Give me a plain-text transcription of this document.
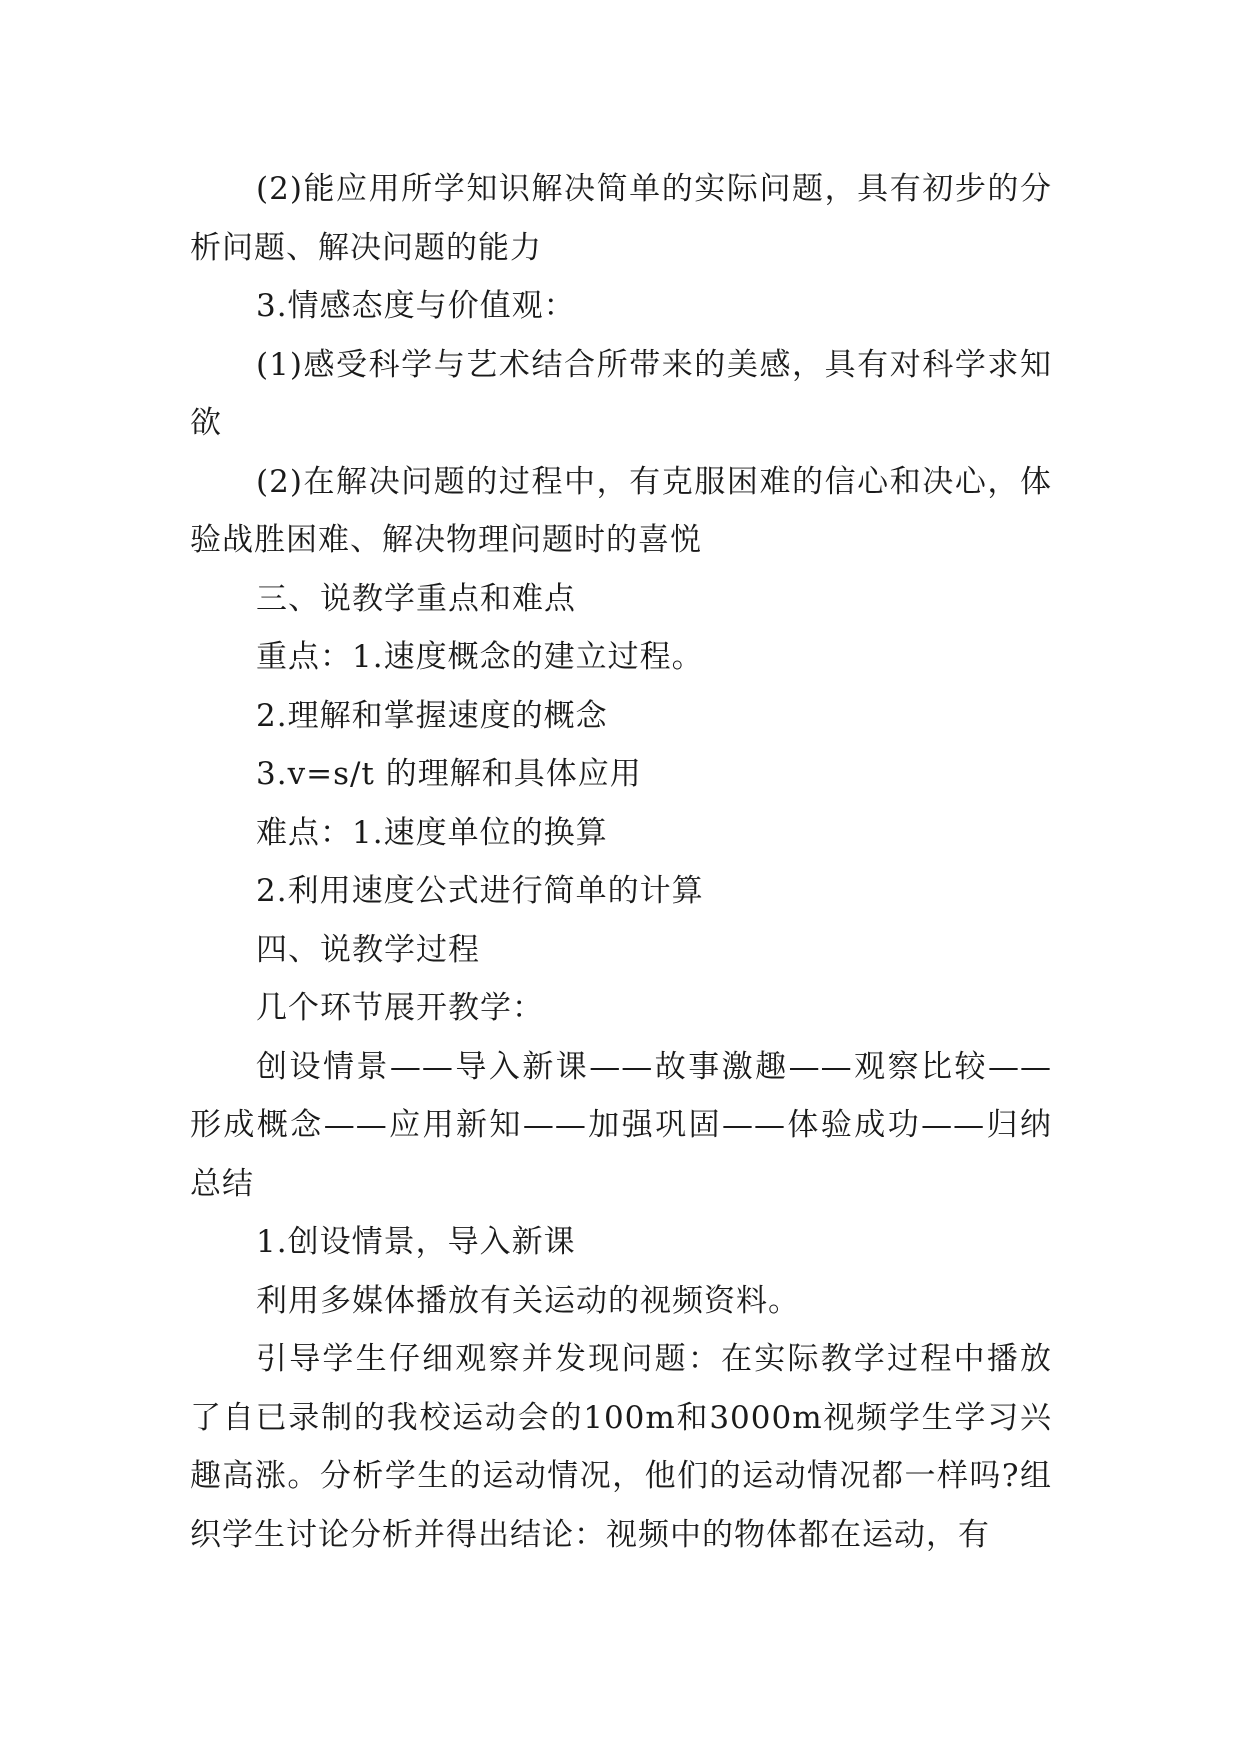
(2)能应用所学知识解决简单的实际问题，具有初步的分析问题、解决问题的能力

3.情感态度与价值观：

(1)感受科学与艺术结合所带来的美感，具有对科学求知欲

(2)在解决问题的过程中，有克服困难的信心和决心，体验战胜困难、解决物理问题时的喜悦

三、说教学重点和难点

重点：1.速度概念的建立过程。

2.理解和掌握速度的概念

3.v=s/t 的理解和具体应用

难点：1.速度单位的换算

2.利用速度公式进行简单的计算

四、说教学过程

几个环节展开教学：

创设情景——导入新课——故事激趣——观察比较——形成概念——应用新知——加强巩固——体验成功——归纳总结

1.创设情景，导入新课

利用多媒体播放有关运动的视频资料。

引导学生仔细观察并发现问题：在实际教学过程中播放了自已录制的我校运动会的100m和3000m视频学生学习兴趣高涨。分析学生的运动情况，他们的运动情况都一样吗?组织学生讨论分析并得出结论：视频中的物体都在运动，有
